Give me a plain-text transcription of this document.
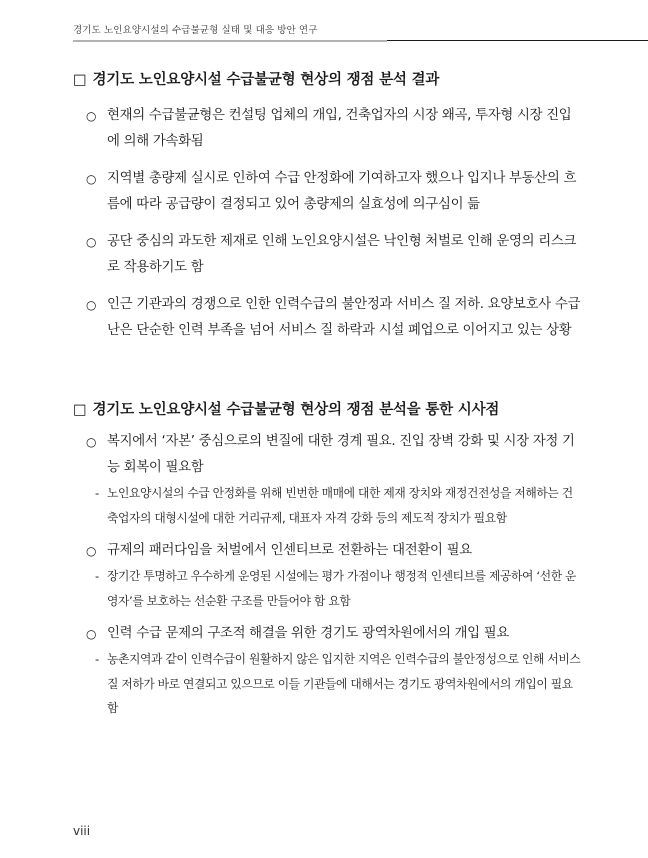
경기도 노인요양시설의 수급불균형 실태 및 대응 방안 연구
□ 경기도 노인요양시설 수급불균형 현상의 쟁점 분석 결과
○ 현재의 수급불균형은 컨설팅 업체의 개입, 건축업자의 시장 왜곡, 투자형 시장 진입에 의해 가속화됨
○ 지역별 총량제 실시로 인하여 수급 안정화에 기여하고자 했으나 입지나 부동산의 흐름에 따라 공급량이 결정되고 있어 총량제의 실효성에 의구심이 듦
○ 공단 중심의 과도한 제재로 인해 노인요양시설은 낙인형 처벌로 인해 운영의 리스크로 작용하기도 함
○ 인근 기관과의 경쟁으로 인한 인력수급의 불안정과 서비스 질 저하. 요양보호사 수급난은 단순한 인력 부족을 넘어 서비스 질 하락과 시설 폐업으로 이어지고 있는 상황
□ 경기도 노인요양시설 수급불균형 현상의 쟁점 분석을 통한 시사점
○ 복지에서 ‘자본’ 중심으로의 변질에 대한 경계 필요. 진입 장벽 강화 및 시장 자정 기능 회복이 필요함
- 노인요양시설의 수급 안정화를 위해 빈번한 매매에 대한 제재 장치와 재정건전성을 저해하는 건축업자의 대형시설에 대한 거리규제, 대표자 자격 강화 등의 제도적 장치가 필요함
○ 규제의 패러다임을 처벌에서 인센티브로 전환하는 대전환이 필요
- 장기간 투명하고 우수하게 운영된 시설에는 평가 가점이나 행정적 인센티브를 제공하여 ‘선한 운영자’를 보호하는 선순환 구조를 만들어야 함 요함
○ 인력 수급 문제의 구조적 해결을 위한 경기도 광역차원에서의 개입 필요
- 농촌지역과 같이 인력수급이 원활하지 않은 입지한 지역은 인력수급의 불안정성으로 인해 서비스 질 저하가 바로 연결되고 있으므로 이들 기관들에 대해서는 경기도 광역차원에서의 개입이 필요함
viii
